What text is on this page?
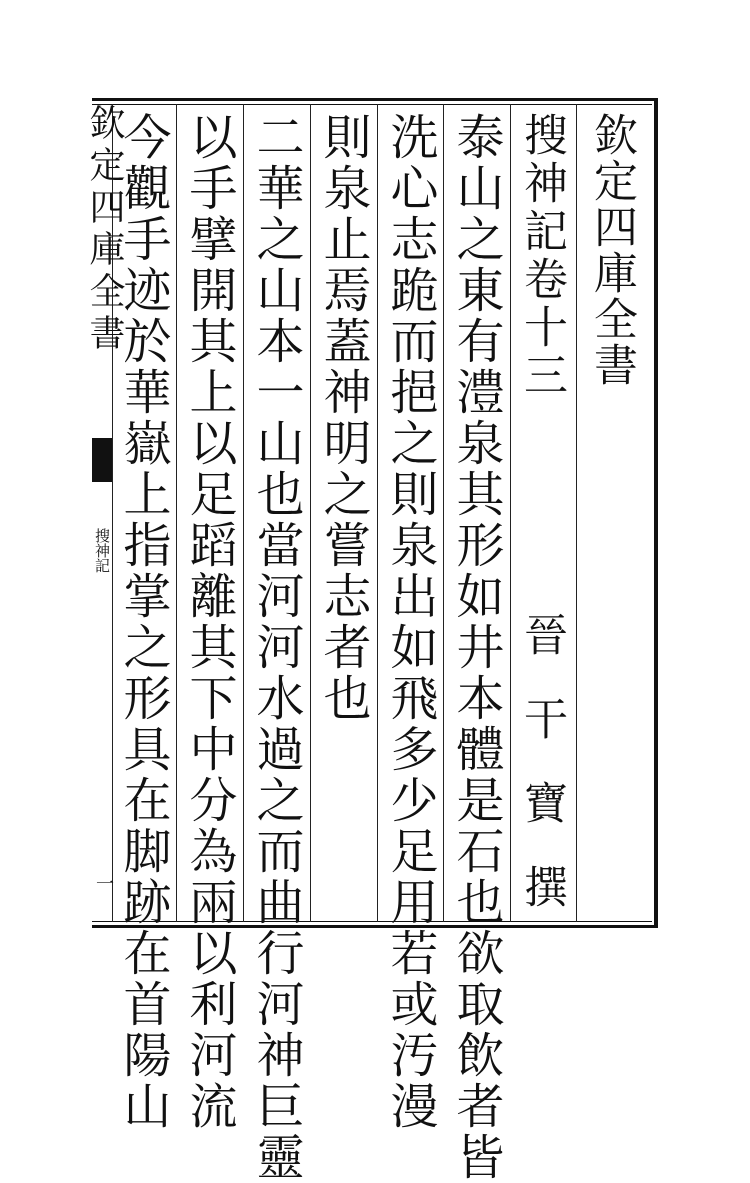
欽定四庫全書
搜神記
一
欽定四庫全書
搜神記卷十三
晉干寶撰
泰山之東有澧泉其形如井本體是石也欲取飲者皆
洗心志跪而挹之則泉出如飛多少足用若或汚漫
則泉止焉蓋神明之嘗志者也
二華之山本一山也當河河水過之而曲行河神巨靈
以手擘開其上以足蹈離其下中分為兩以利河流
今觀手迹於華嶽上指掌之形具在脚跡在首陽山
